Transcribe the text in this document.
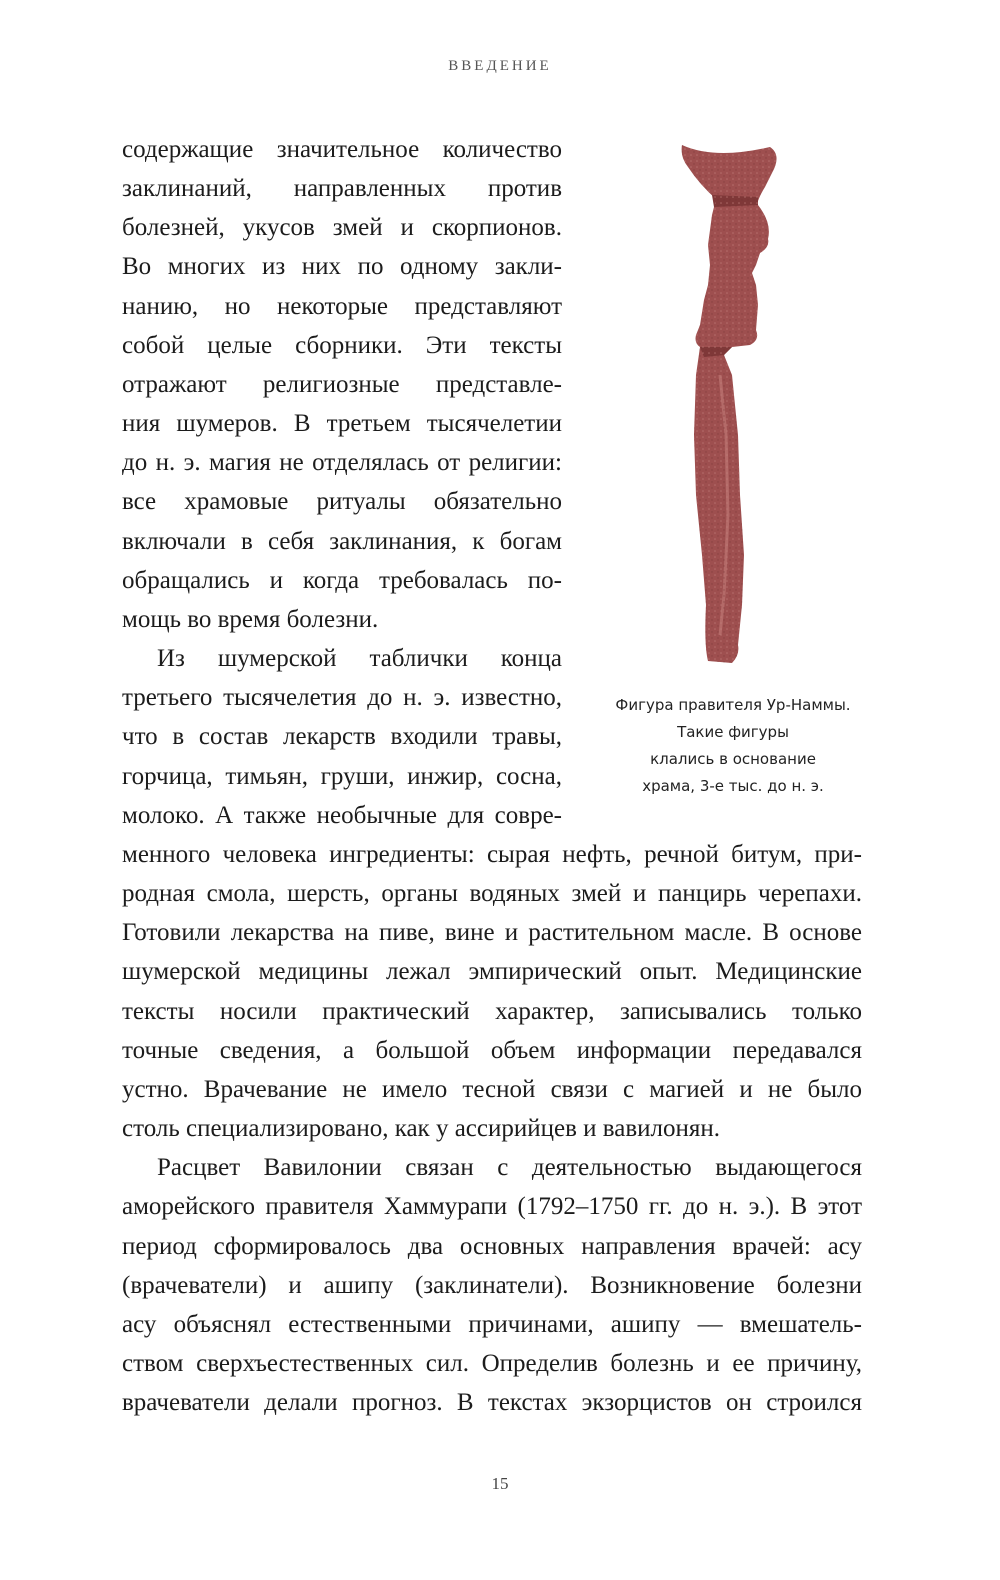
ВВЕДЕНИЕ

содержащие значительное количество

заклинаний, направленных против

болезней, укусов змей и скорпионов.

Во многих из них по одному закли-

нанию, но некоторые представляют

собой целые сборники. Эти тексты

отражают религиозные представле-

ния шумеров. В третьем тысячелетии

до н. э. магия не отделялась от религии:

все храмовые ритуалы обязательно

включали в себя заклинания, к богам

обращались и когда требовалась по-

мощь во время болезни.

Из шумерской таблички конца

третьего тысячелетия до н. э. известно,

что в состав лекарств входили травы,

горчица, тимьян, груши, инжир, сосна,

молоко. А также необычные для совре-

менного человека ингредиенты: сырая нефть, речной битум, при-

родная смола, шерсть, органы водяных змей и панцирь черепахи.

Готовили лекарства на пиве, вине и растительном масле. В основе

шумерской медицины лежал эмпирический опыт. Медицинские

тексты носили практический характер, записывались только

точные сведения, а большой объем информации передавался

устно. Врачевание не имело тесной связи с магией и не было

столь специализировано, как у ассирийцев и вавилонян.

Расцвет Вавилонии связан с деятельностью выдающегося

аморейского правителя Хаммурапи (1792–1750 гг. до н. э.). В этот

период сформировалось два основных направления врачей: асу

(врачеватели) и ашипу (заклинатели). Возникновение болезни

асу объяснял естественными причинами, ашипу — вмешатель-

ством сверхъестественных сил. Определив болезнь и ее причину,

врачеватели делали прогноз. В текстах экзорцистов он строился

Фигура правителя Ур-Наммы.
Такие фигуры
клались в основание
храма, 3-е тыс. до н. э.
15
